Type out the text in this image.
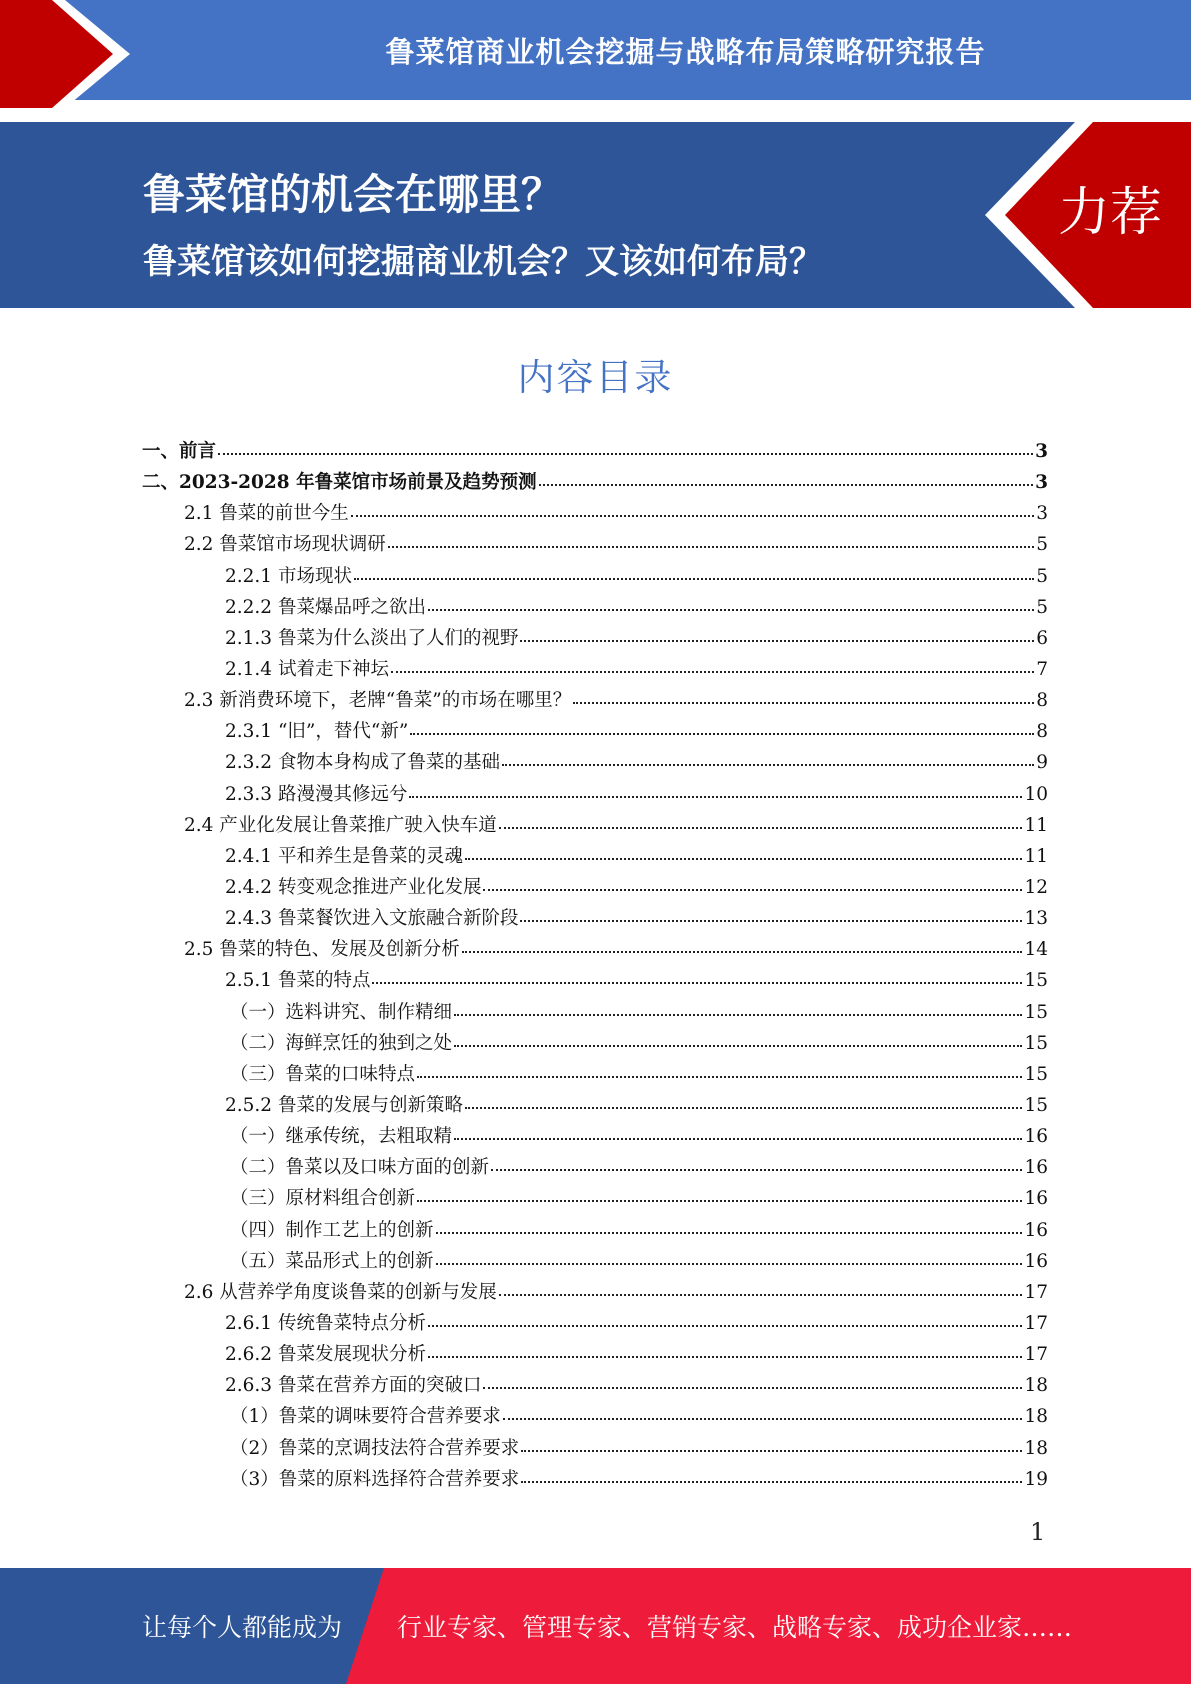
鲁菜馆商业机会挖掘与战略布局策略研究报告
鲁菜馆的机会在哪里？
鲁菜馆该如何挖掘商业机会？又该如何布局？
力荐
内容目录
一、前言	3
二、2023-2028 年鲁菜馆市场前景及趋势预测	3
2.1 鲁菜的前世今生	3
2.2 鲁菜馆市场现状调研	5
2.2.1 市场现状	5
2.2.2 鲁菜爆品呼之欲出	5
2.1.3 鲁菜为什么淡出了人们的视野	6
2.1.4 试着走下神坛	7
2.3 新消费环境下，老牌“鲁菜”的市场在哪里？	8
2.3.1 “旧”，替代“新”	8
2.3.2 食物本身构成了鲁菜的基础	9
2.3.3 路漫漫其修远兮	10
2.4 产业化发展让鲁菜推广驶入快车道	11
2.4.1 平和养生是鲁菜的灵魂	11
2.4.2 转变观念推进产业化发展	12
2.4.3 鲁菜餐饮进入文旅融合新阶段	13
2.5 鲁菜的特色、发展及创新分析	14
2.5.1 鲁菜的特点	15
（一）选料讲究、制作精细	15
（二）海鲜烹饪的独到之处	15
（三）鲁菜的口味特点	15
2.5.2 鲁菜的发展与创新策略	15
（一）继承传统，去粗取精	16
（二）鲁菜以及口味方面的创新	16
（三）原材料组合创新	16
（四）制作工艺上的创新	16
（五）菜品形式上的创新	16
2.6 从营养学角度谈鲁菜的创新与发展	17
2.6.1 传统鲁菜特点分析	17
2.6.2 鲁菜发展现状分析	17
2.6.3 鲁菜在营养方面的突破口	18
（1）鲁菜的调味要符合营养要求	18
（2）鲁菜的烹调技法符合营养要求	18
（3）鲁菜的原料选择符合营养要求	19
1
让每个人都能成为 行业专家、管理专家、营销专家、战略专家、成功企业家……
